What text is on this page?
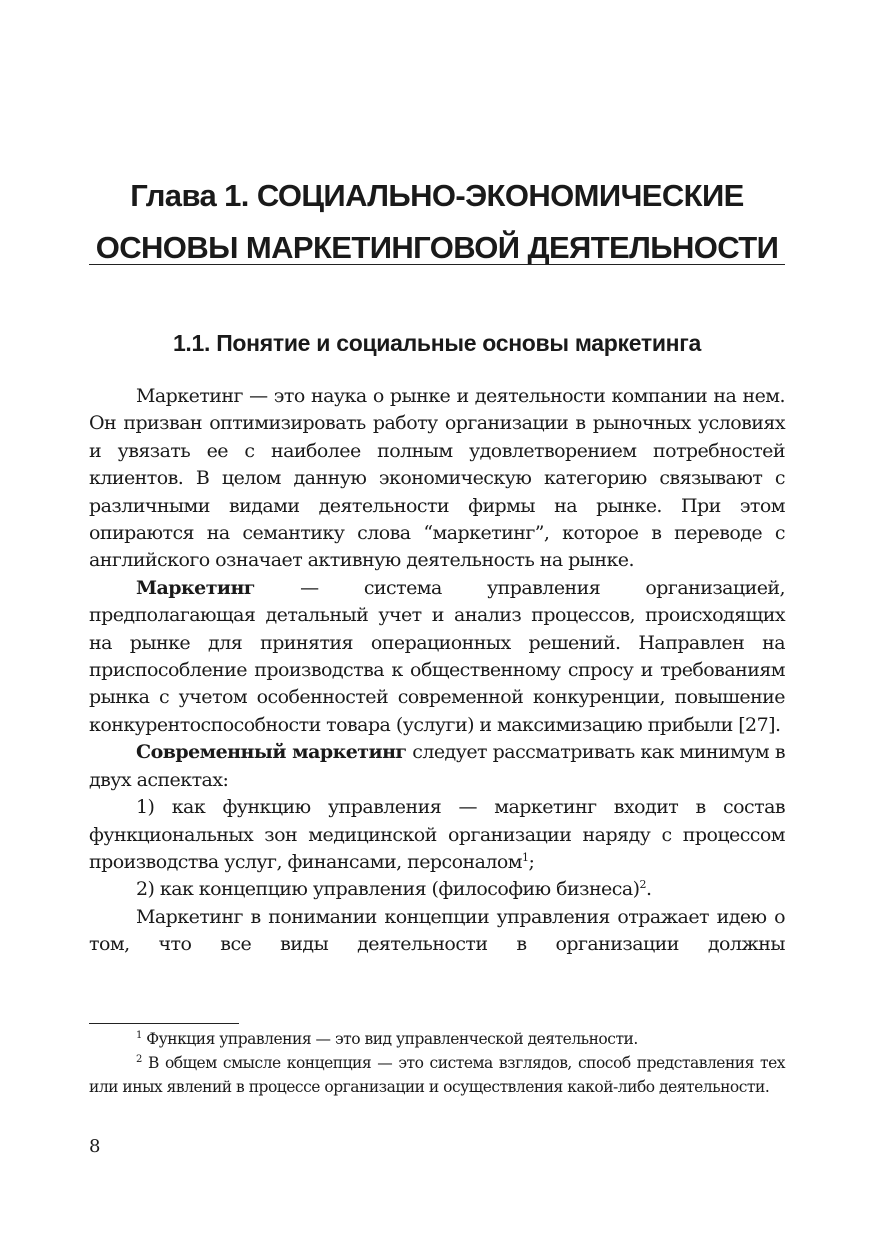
Глава 1. СОЦИАЛЬНО-ЭКОНОМИЧЕСКИЕ
ОСНОВЫ МАРКЕТИНГОВОЙ ДЕЯТЕЛЬНОСТИ
1.1. Понятие и социальные основы маркетинга

Маркетинг — это наука о рынке и деятельности компании на нем. Он призван оптимизировать работу организации в рыночных условиях и увязать ее с наиболее полным удовлетворением потребностей клиентов. В целом данную экономическую категорию связывают с различными видами деятельности фирмы на рынке. При этом опираются на семантику слова “маркетинг”, которое в переводе с английского означает активную деятельность на рынке.

Маркетинг — система управления организацией, предполагающая детальный учет и анализ процессов, происходящих на рынке для принятия операционных решений. Направлен на приспособление производства к общественному спросу и требованиям рынка с учетом особенностей современной конкуренции, повышение конкурентоспособности товара (услуги) и максимизацию прибыли [27].

Современный маркетинг следует рассматривать как минимум в двух аспектах:

1) как функцию управления — маркетинг входит в состав функциональных зон медицинской организации наряду с процессом производства услуг, финансами, персоналом$^1$;

2) как концепцию управления (философию бизнеса)$^2$.

Маркетинг в понимании концепции управления отражает идею о том, что все виды деятельности в организации должны

$^1$ Функция управления — это вид управленческой деятельности.

$^2$ В общем смысле концепция — это система взглядов, способ представления тех или иных явлений в процессе организации и осуществления какой-либо деятельности.

8
